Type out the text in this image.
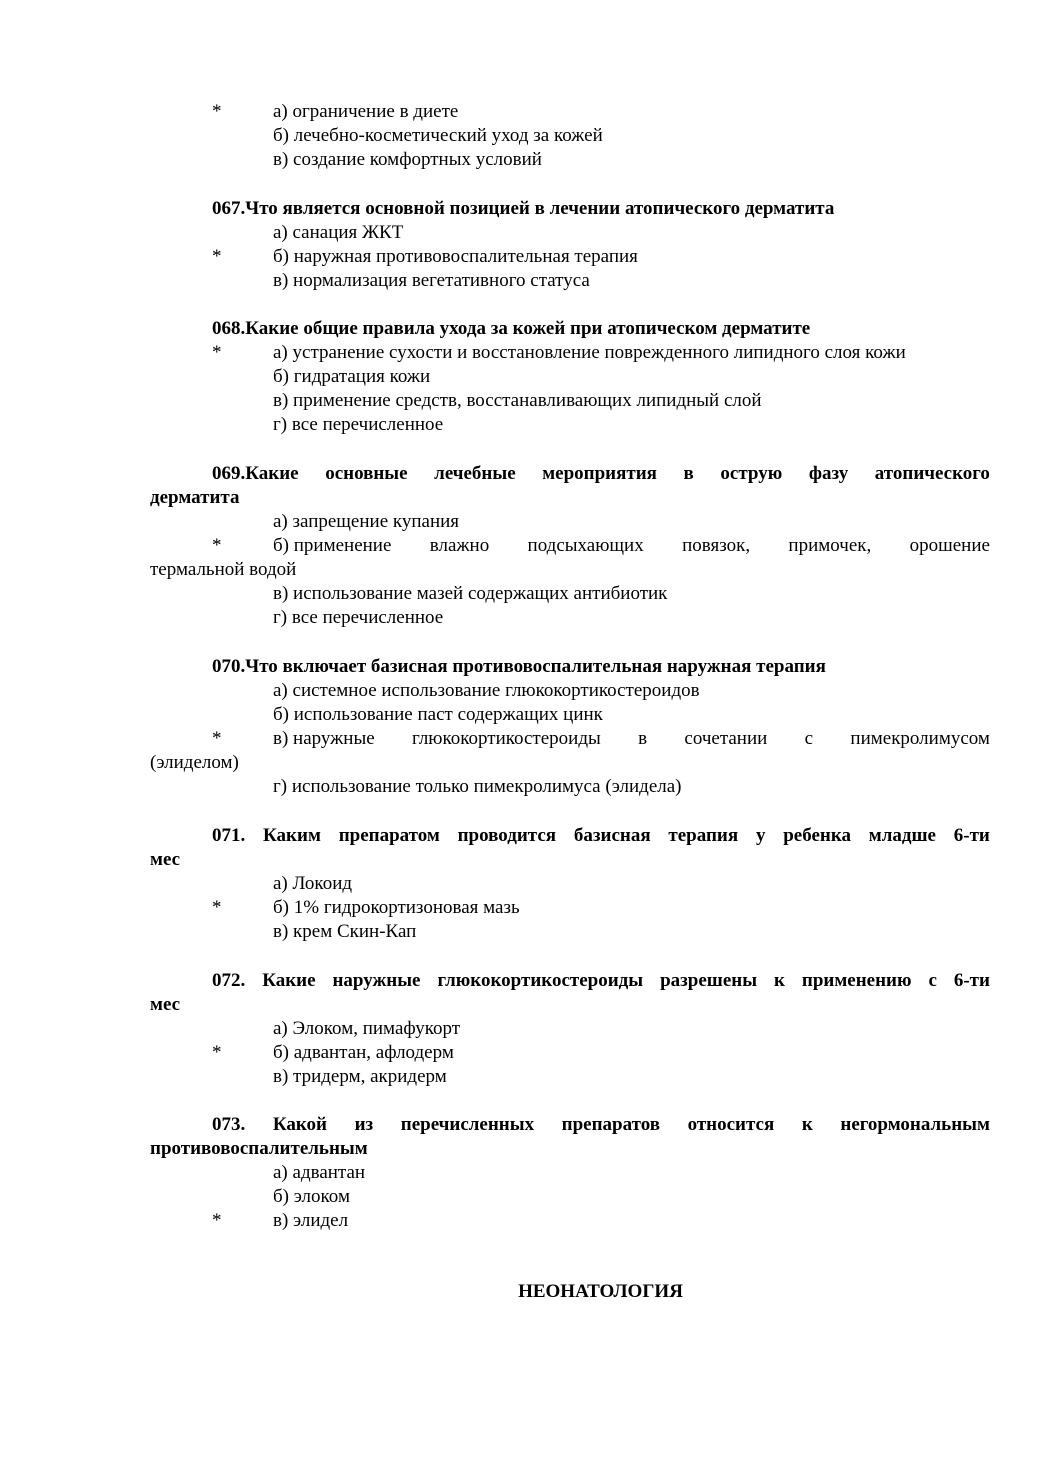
*	а) ограничение в диете
б) лечебно-косметический уход за кожей
в) создание комфортных условий
067.Что является основной позицией в лечении атопического дерматита
а) санация ЖКТ
*	б) наружная противовоспалительная терапия
в) нормализация вегетативного статуса
068.Какие общие правила ухода за кожей при атопическом дерматите
*	а) устранение сухости и восстановление поврежденного липидного слоя кожи
б) гидратация кожи
в) применение средств, восстанавливающих липидный слой
г) все перечисленное
069.Какие основные лечебные мероприятия в острую фазу атопического
дерматита
а) запрещение купания
*	б) применение влажно подсыхающих повязок, примочек, орошение
термальной водой
в) использование мазей содержащих антибиотик
г) все перечисленное
070.Что включает базисная противовоспалительная наружная терапия
а) системное использование глюкокортикостероидов
б) использование паст содержащих цинк
*	в) наружные глюкокортикостероиды в сочетании с пимекролимусом
(элиделом)
г) использование только пимекролимуса (элидела)
071. Каким препаратом проводится базисная терапия у ребенка младше 6-ти
мес
а) Локоид
*	б) 1% гидрокортизоновая мазь
в) крем Скин-Кап
072. Какие наружные глюкокортикостероиды разрешены к применению с 6-ти
мес
а) Элоком, пимафукорт
*	б) адвантан, афлодерм
в) тридерм, акридерм
073. Какой из перечисленных препаратов относится к негормональным
противовоспалительным
а) адвантан
б) элоком
*	в) элидел
НЕОНАТОЛОГИЯ
